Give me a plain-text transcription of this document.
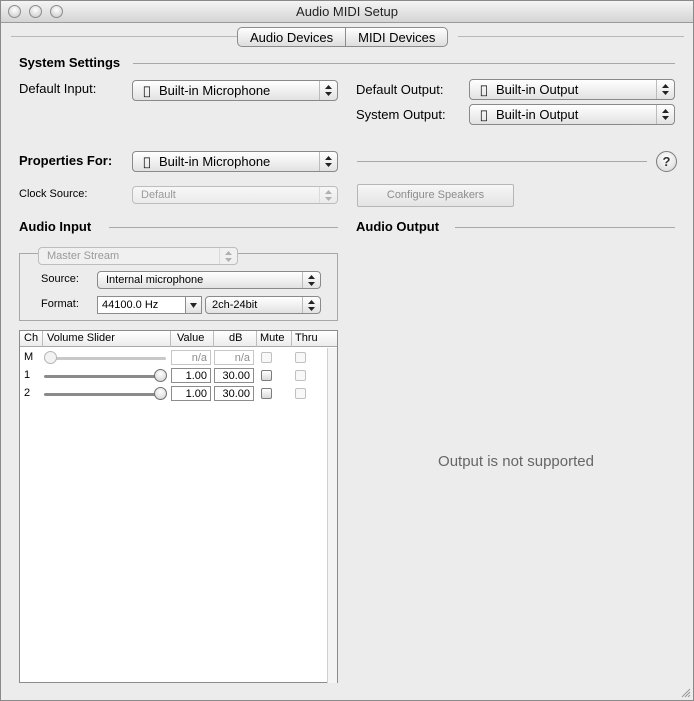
Audio MIDI Setup
Audio Devices	MIDI Devices
System Settings
Default Input:	Built-in Microphone	Default Output:	Built-in Output
System Output:	Built-in Output
Properties For:	Built-in Microphone	?
Clock Source:	Default	Configure Speakers
Audio Input
Master Stream
Source:	Internal microphone
Format:	44100.0 Hz	2ch-24bit
Ch Volume Slider	Value dB Mute Thru
M	n/a	n/a
1	1.00	30.00
2	1.00	30.00
Audio Output
Output is not supported
